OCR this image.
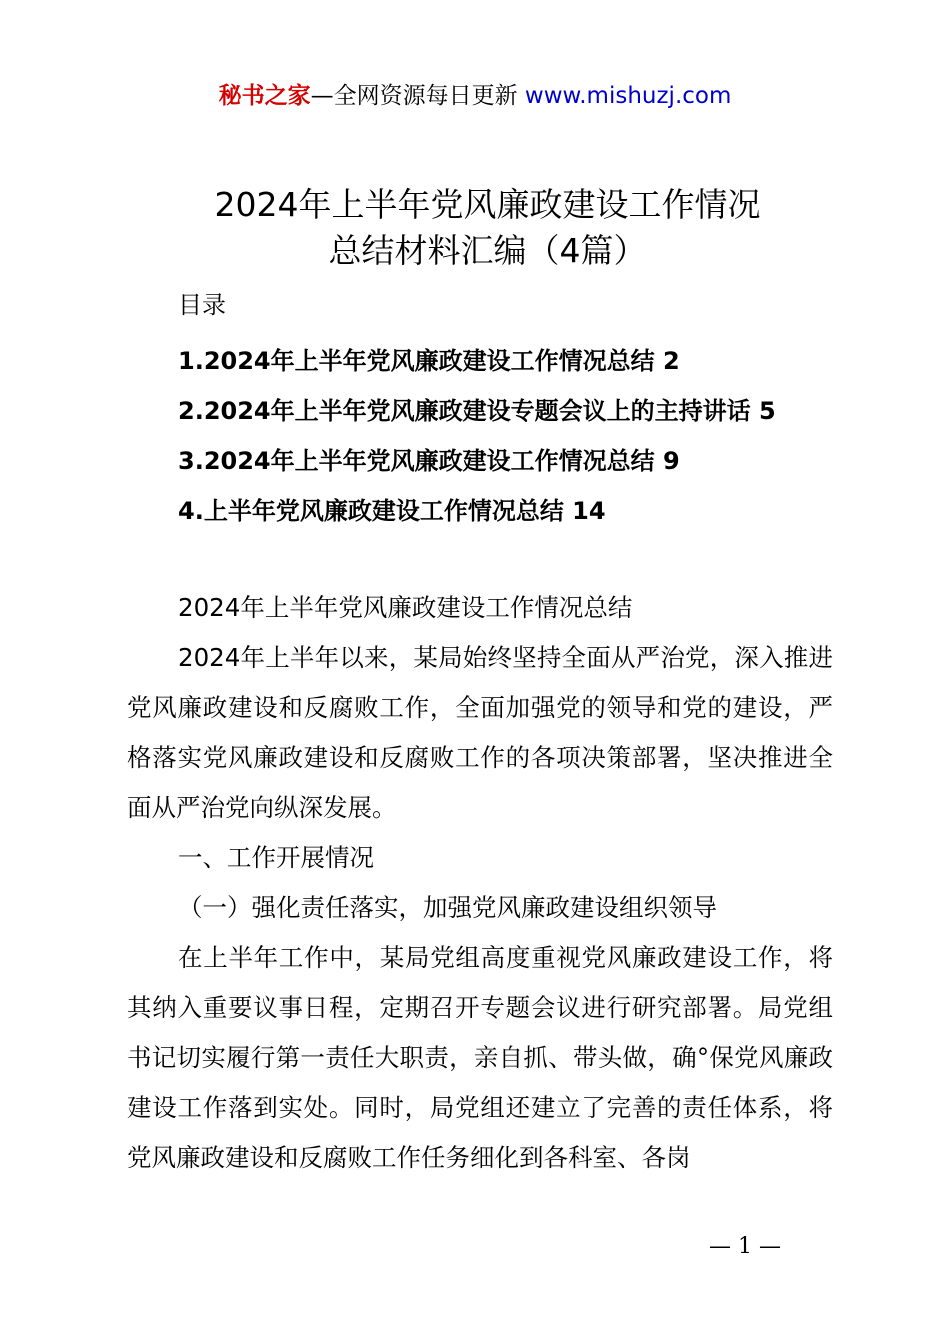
秘书之家—全网资源每日更新 www.mishuzj.com
2024年上半年党风廉政建设工作情况
总结材料汇编（4篇）
目录
1.2024年上半年党风廉政建设工作情况总结 2
2.2024年上半年党风廉政建设专题会议上的主持讲话 5
3.2024年上半年党风廉政建设工作情况总结 9
4.上半年党风廉政建设工作情况总结 14

2024年上半年党风廉政建设工作情况总结

2024年上半年以来，某局始终坚持全面从严治党，深入推进党风廉政建设和反腐败工作，全面加强党的领导和党的建设，严格落实党风廉政建设和反腐败工作的各项决策部署，坚决推进全面从严治党向纵深发展。

一、工作开展情况

（一）强化责任落实，加强党风廉政建设组织领导

在上半年工作中，某局党组高度重视党风廉政建设工作，将其纳入重要议事日程，定期召开专题会议进行研究部署。局党组书记切实履行第一责任大职责，亲自抓、带头做，确°保党风廉政建设工作落到实处。同时，局党组还建立了完善的责任体系，将党风廉政建设和反腐败工作任务细化到各科室、各岗

— 1 —
